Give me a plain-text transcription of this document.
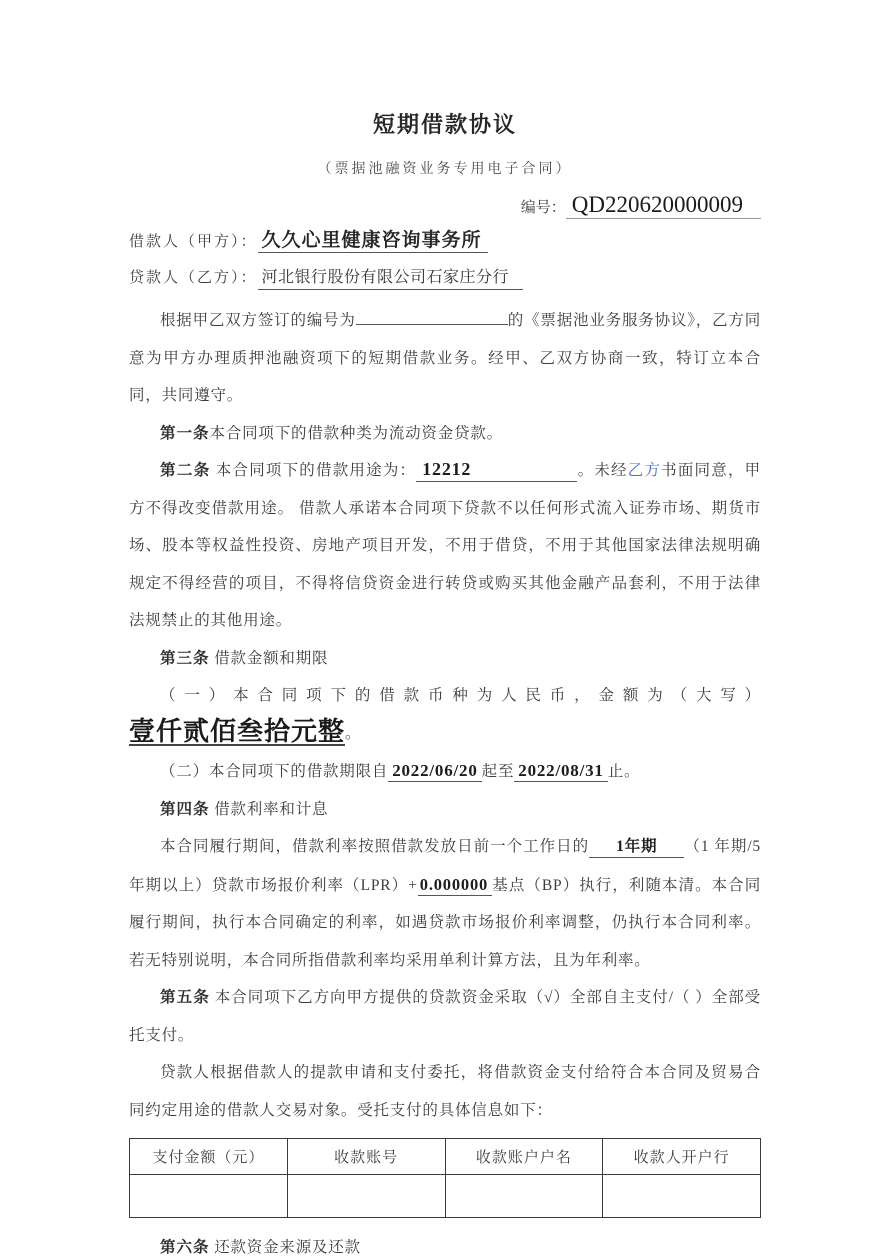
短期借款协议
（票据池融资业务专用电子合同）
编号： QD220620000009
借款人（甲方）： 久久心里健康咨询事务所
贷款人（乙方）： 河北银行股份有限公司石家庄分行

根据甲乙双方签订的编号为	的《票据池业务服务协议》，乙方同意为甲方办理质押池融资项下的短期借款业务。经甲、乙双方协商一致，特订立本合同，共同遵守。

第一条本合同项下的借款种类为流动资金贷款。

第二条 本合同项下的借款用途为： 12212	。未经乙方书面同意，甲方不得改变借款用途。 借款人承诺本合同项下贷款不以任何形式流入证券市场、期货市场、股本等权益性投资、房地产项目开发，不用于借贷，不用于其他国家法律法规明确规定不得经营的项目，不得将信贷资金进行转贷或购买其他金融产品套利，不用于法律法规禁止的其他用途。

第三条 借款金额和期限

（一）本合同项下的借款币种为人民币，金额为（大写）壹仟贰佰叁拾元整。

（二）本合同项下的借款期限自 2022/06/20 起至 2022/08/31 止。

第四条 借款利率和计息

本合同履行期间，借款利率按照借款发放日前一个工作日的 1年期 （1 年期/5 年期以上）贷款市场报价利率（LPR）+ 0.000000 基点（BP）执行，利随本清。本合同履行期间，执行本合同确定的利率，如遇贷款市场报价利率调整，仍执行本合同利率。若无特别说明，本合同所指借款利率均采用单利计算方法，且为年利率。

第五条 本合同项下乙方向甲方提供的贷款资金采取（√）全部自主支付/（ ）全部受托支付。

贷款人根据借款人的提款申请和支付委托，将借款资金支付给符合本合同及贸易合同约定用途的借款人交易对象。受托支付的具体信息如下：

支付金额（元）	收款账号	收款账户户名	收款人开户行

第六条 还款资金来源及还款
